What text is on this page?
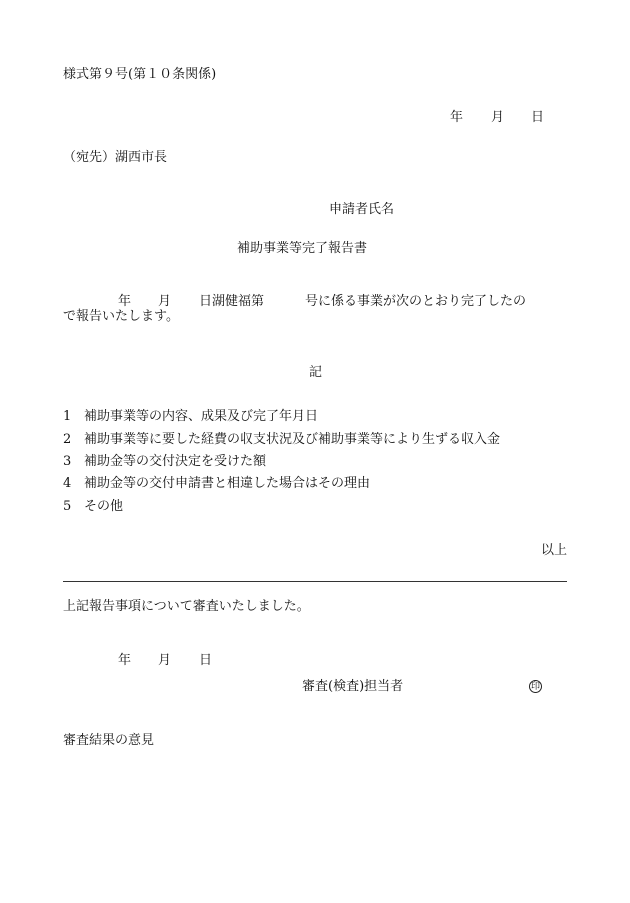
様式第９号(第１０条関係)
年 月 日
（宛先）湖西市長
申請者氏名
補助事業等完了報告書
年 月 日湖健福第	号に係る事業が次のとおり完了したの
で報告いたします。
記
1 補助事業等の内容、成果及び完了年月日
2 補助事業等に要した経費の収支状況及び補助事業等により生ずる収入金
3 補助金等の交付決定を受けた額
4 補助金等の交付申請書と相違した場合はその理由
5 その他
以上
上記報告事項について審査いたしました。
年 月 日
審査(検査)担当者	印
審査結果の意見
